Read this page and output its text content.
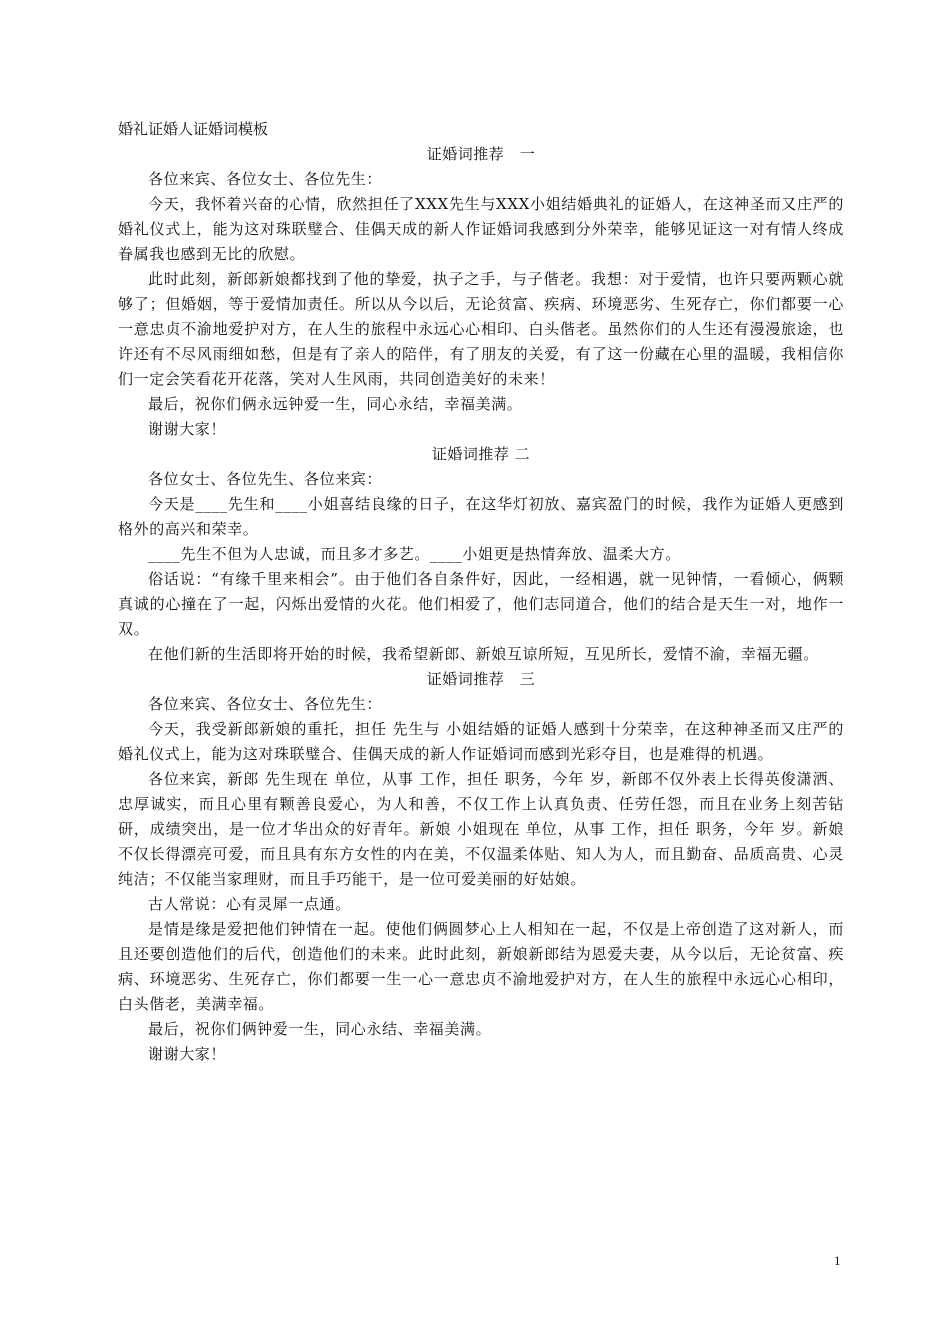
婚礼证婚人证婚词模板

证婚词推荐　一

各位来宾、各位女士、各位先生：

今天，我怀着兴奋的心情，欣然担任了XXX先生与XXX小姐结婚典礼的证婚人，在这神圣而又庄严的婚礼仪式上，能为这对珠联璧合、佳偶天成的新人作证婚词我感到分外荣幸，能够见证这一对有情人终成眷属我也感到无比的欣慰。

此时此刻，新郎新娘都找到了他的挚爱，执子之手，与子偕老。我想：对于爱情，也许只要两颗心就够了；但婚姻，等于爱情加责任。所以从今以后，无论贫富、疾病、环境恶劣、生死存亡，你们都要一心一意忠贞不渝地爱护对方，在人生的旅程中永远心心相印、白头偕老。虽然你们的人生还有漫漫旅途，也许还有不尽风雨细如愁，但是有了亲人的陪伴，有了朋友的关爱，有了这一份藏在心里的温暖，我相信你们一定会笑看花开花落，笑对人生风雨，共同创造美好的未来！

最后，祝你们俩永远钟爱一生，同心永结，幸福美满。

谢谢大家！

证婚词推荐 二

各位女士、各位先生、各位来宾：

今天是____先生和____小姐喜结良缘的日子，在这华灯初放、嘉宾盈门的时候，我作为证婚人更感到格外的高兴和荣幸。

____先生不但为人忠诚，而且多才多艺。____小姐更是热情奔放、温柔大方。

俗话说：“有缘千里来相会”。由于他们各自条件好，因此，一经相遇，就一见钟情，一看倾心，俩颗真诚的心撞在了一起，闪烁出爱情的火花。他们相爱了，他们志同道合，他们的结合是天生一对，地作一双。

在他们新的生活即将开始的时候，我希望新郎、新娘互谅所短，互见所长，爱情不渝，幸福无疆。

证婚词推荐　三

各位来宾、各位女士、各位先生：

今天，我受新郎新娘的重托，担任 先生与 小姐结婚的证婚人感到十分荣幸，在这种神圣而又庄严的婚礼仪式上，能为这对珠联璧合、佳偶天成的新人作证婚词而感到光彩夺目，也是难得的机遇。

各位来宾，新郎 先生现在 单位，从事 工作，担任 职务，今年 岁，新郎不仅外表上长得英俊潇洒、忠厚诚实，而且心里有颗善良爱心，为人和善，不仅工作上认真负责、任劳任怨，而且在业务上刻苦钻研，成绩突出，是一位才华出众的好青年。新娘 小姐现在 单位，从事 工作，担任 职务，今年 岁。新娘不仅长得漂亮可爱，而且具有东方女性的内在美，不仅温柔体贴、知人为人，而且勤奋、品质高贵、心灵纯洁；不仅能当家理财，而且手巧能干，是一位可爱美丽的好姑娘。

古人常说：心有灵犀一点通。

是情是缘是爱把他们钟情在一起。使他们俩圆梦心上人相知在一起，不仅是上帝创造了这对新人，而且还要创造他们的后代，创造他们的未来。此时此刻，新娘新郎结为恩爱夫妻，从今以后，无论贫富、疾病、环境恶劣、生死存亡，你们都要一生一心一意忠贞不渝地爱护对方，在人生的旅程中永远心心相印，白头偕老，美满幸福。

最后，祝你们俩钟爱一生，同心永结、幸福美满。

谢谢大家！

1
